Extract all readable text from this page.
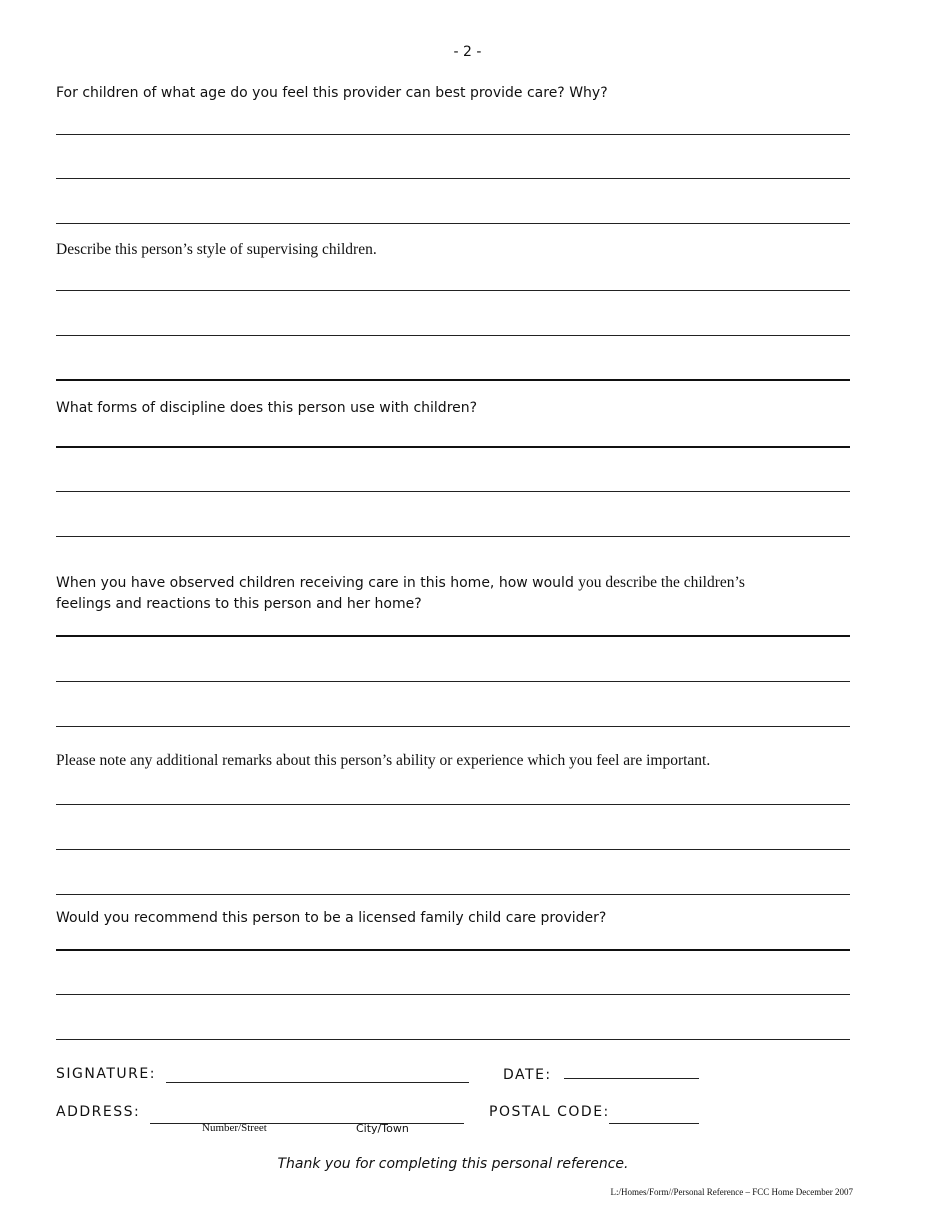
- 2 -
For children of what age do you feel this provider can best provide care? Why?
Describe this person’s style of supervising children.
What forms of discipline does this person use with children?
When you have observed children receiving care in this home, how would you describe the children’s
feelings and reactions to this person and her home?
Please note any additional remarks about this person’s ability or experience which you feel are important.
Would you recommend this person to be a licensed family child care provider?
SIGNATURE:	DATE:
ADDRESS:
Number/Street	City/Town
POSTAL CODE:
Thank you for completing this personal reference.
L:/Homes/Form//Personal Reference – FCC Home December 2007
